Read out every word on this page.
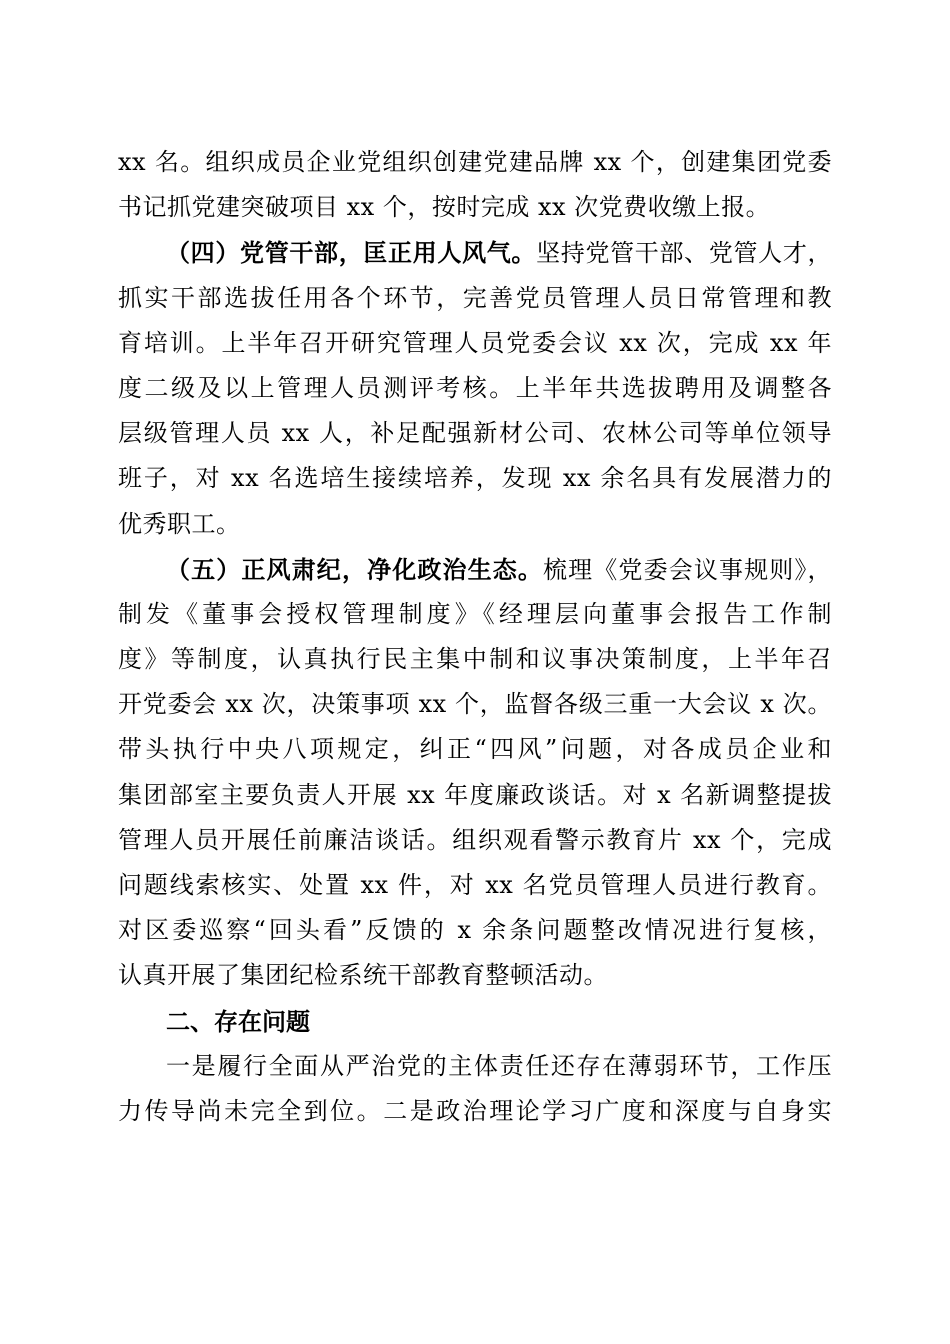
xx 名。组织成员企业党组织创建党建品牌 xx 个，创建集团党委
书记抓党建突破项目 xx 个，按时完成 xx 次党费收缴上报。
（四）党管干部，匡正用人风气。坚持党管干部、党管人才，
抓实干部选拔任用各个环节，完善党员管理人员日常管理和教
育培训。上半年召开研究管理人员党委会议 xx 次，完成 xx 年
度二级及以上管理人员测评考核。上半年共选拔聘用及调整各
层级管理人员 xx 人，补足配强新材公司、农林公司等单位领导
班子，对 xx 名选培生接续培养，发现 xx 余名具有发展潜力的
优秀职工。
（五）正风肃纪，净化政治生态。梳理《党委会议事规则》，
制发《董事会授权管理制度》《经理层向董事会报告工作制
度》等制度，认真执行民主集中制和议事决策制度，上半年召
开党委会 xx 次，决策事项 xx 个，监督各级三重一大会议 x 次。
带头执行中央八项规定，纠正“四风”问题，对各成员企业和
集团部室主要负责人开展 xx 年度廉政谈话。对 x 名新调整提拔
管理人员开展任前廉洁谈话。组织观看警示教育片 xx 个，完成
问题线索核实、处置 xx 件，对 xx 名党员管理人员进行教育。
对区委巡察“回头看”反馈的 x 余条问题整改情况进行复核，
认真开展了集团纪检系统干部教育整顿活动。
二、存在问题
一是履行全面从严治党的主体责任还存在薄弱环节，工作压
力传导尚未完全到位。二是政治理论学习广度和深度与自身实
